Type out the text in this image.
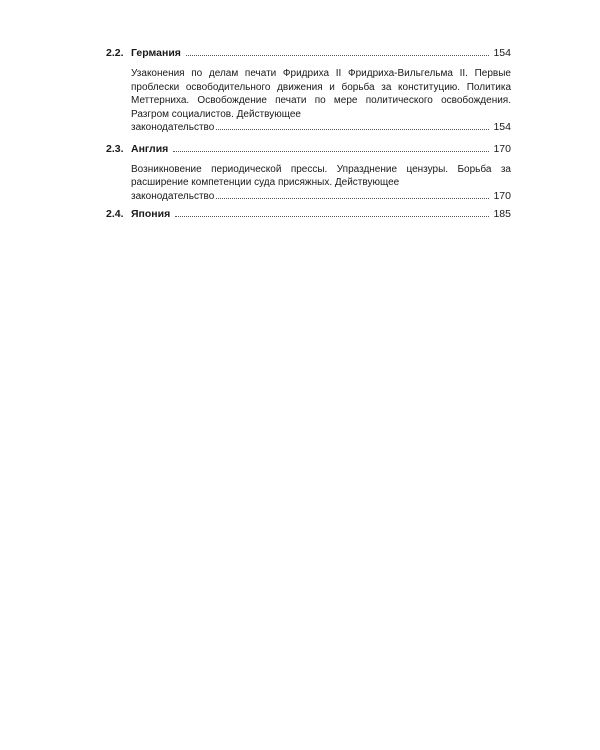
2.2. Германия	154
Узаконения по делам печати Фридриха II Фридриха-Вильгельма II. Первые проблески освободительного движения и борьба за конституцию. Политика Меттерниха. Освобождение печати по мере политического освобождения. Разгром социалистов. Действующее
законодательство	154
2.3. Англия	170
Возникновение периодической прессы. Упразднение цензуры. Борьба за расширение компетенции суда присяжных. Действующее
законодательство	170
2.4. Япония	185
